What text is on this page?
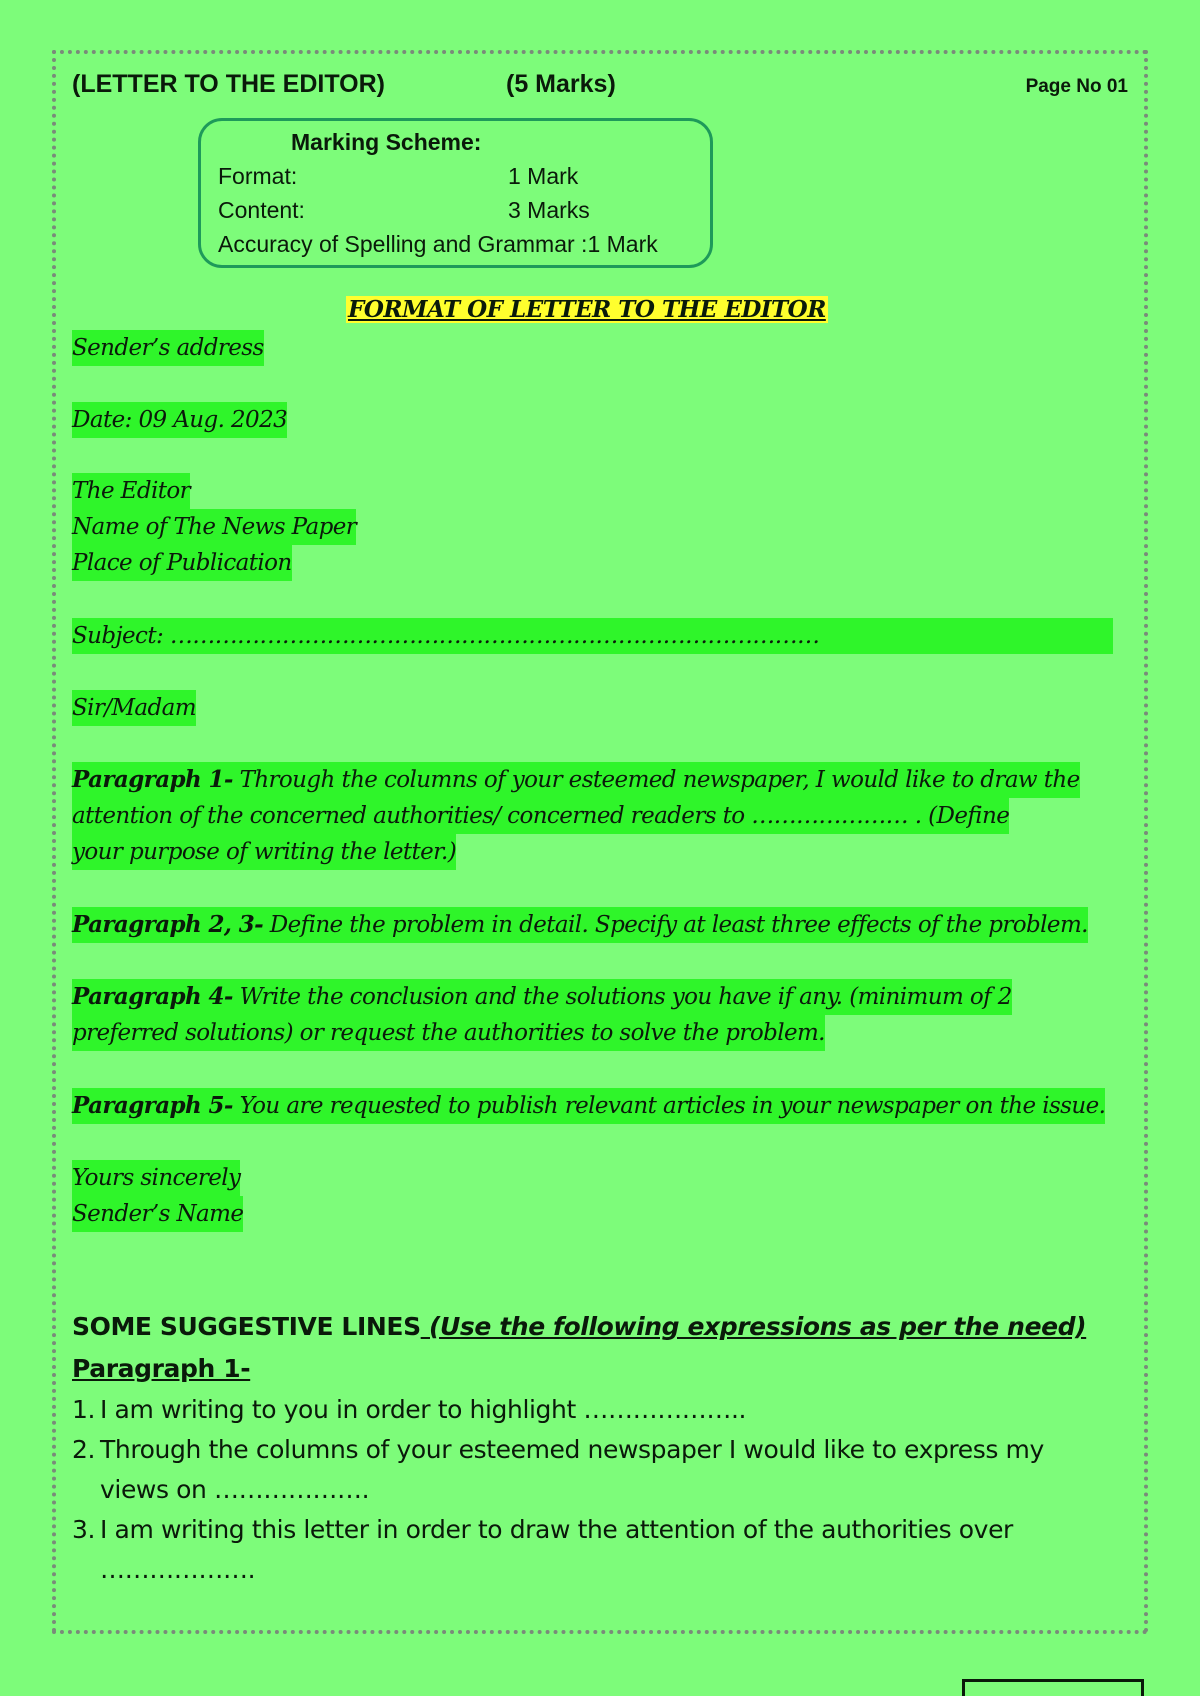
(LETTER TO THE EDITOR)	(5 Marks)	Page No 01
Marking Scheme:
Format:	1 Mark
Content:	3 Marks
Accuracy of Spelling and Grammar :1 Mark
FORMAT OF LETTER TO THE EDITOR
Sender’s address
Date: 09 Aug. 2023
The Editor
Name of The News Paper
Place of Publication
Subject: ……………………………………………………………………………
Sir/Madam
Paragraph 1- Through the columns of your esteemed newspaper, I would like to draw the
attention of the concerned authorities/ concerned readers to ………………… . (Define
your purpose of writing the letter.)
Paragraph 2, 3- Define the problem in detail. Specify at least three effects of the problem.
Paragraph 4- Write the conclusion and the solutions you have if any. (minimum of 2
preferred solutions) or request the authorities to solve the problem.
Paragraph 5- You are requested to publish relevant articles in your newspaper on the issue.
Yours sincerely
Sender’s Name
SOME SUGGESTIVE LINES (Use the following expressions as per the need)
Paragraph 1-
1. I am writing to you in order to highlight ………………..
2. Through the columns of your esteemed newspaper I would like to express my
views on ……………….
3. I am writing this letter in order to draw the attention of the authorities over
……………….
